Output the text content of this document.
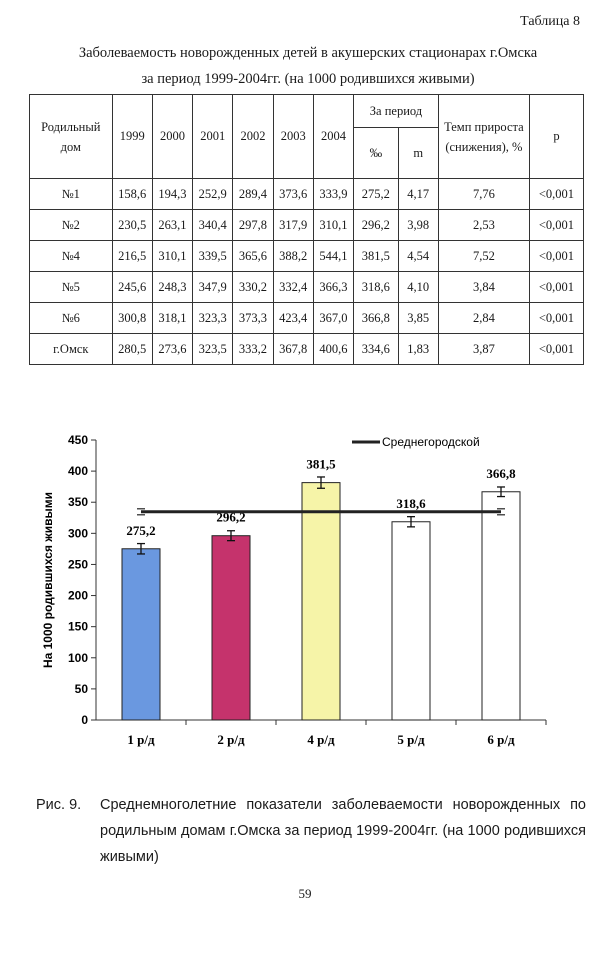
Таблица 8
Заболеваемость новорожденных детей в акушерских стационарах г.Омска
за период 1999-2004гг. (на 1000 родившихся живыми)
Родильный дом	1999	2000	2001	2002	2003	2004	За период		Темп прироста (снижения), %	p
							‰	m		
№1	158,6	194,3	252,9	289,4	373,6	333,9	275,2	4,17	7,76	<0,001
№2	230,5	263,1	340,4	297,8	317,9	310,1	296,2	3,98	2,53	<0,001
№4	216,5	310,1	339,5	365,6	388,2	544,1	381,5	4,54	7,52	<0,001
№5	245,6	248,3	347,9	330,2	332,4	366,3	318,6	4,10	3,84	<0,001
№6	300,8	318,1	323,3	373,3	423,4	367,0	366,8	3,85	2,84	<0,001
г.Омск	280,5	273,6	323,5	333,2	367,8	400,6	334,6	1,83	3,87	<0,001
0
50
100
150
200
250
300
350
400
450
На 1000 родившихся живыми	275,2
1 р/д
296,2
2 р/д
381,5
4 р/д
318,6
5 р/д
366,8
6 р/д
Среднегородской
Рис. 9.	Среднемноголетние показатели заболеваемости новорожденных по родильным домам г.Омска за период 1999-2004гг. (на 1000 родившихся живыми)
59
